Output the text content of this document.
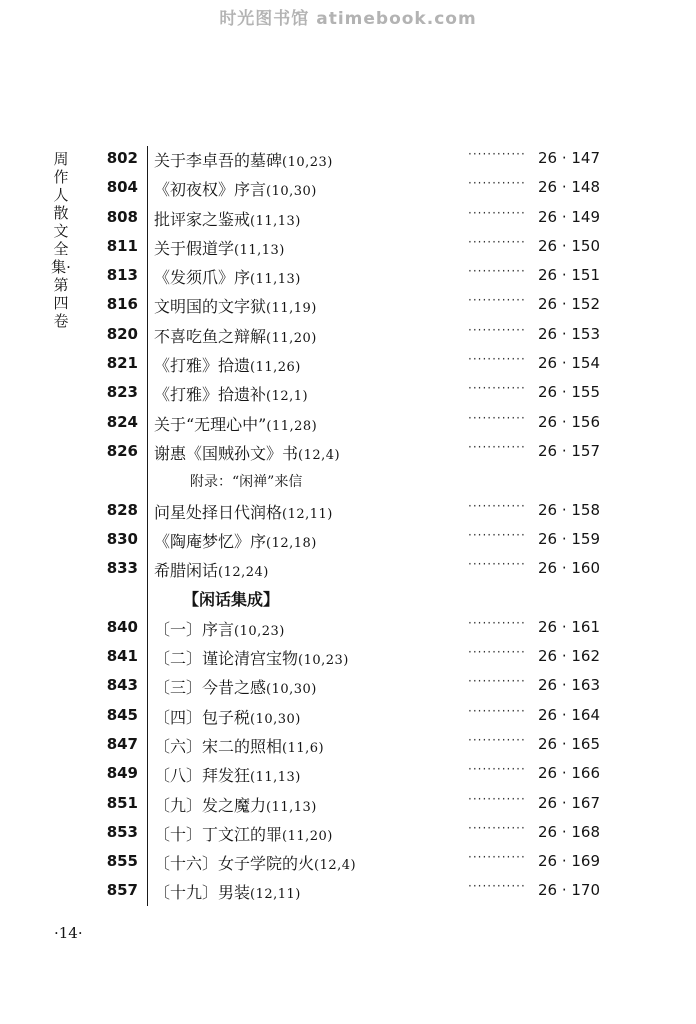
时光图书馆 atimebook.com
周作人散文全集·第四卷
802 关于李卓吾的墓碑(10,23)
············ 26 · 147
804 《初夜权》序言(10,30)
············ 26 · 148
808 批评家之鉴戒(11,13)
············ 26 · 149
811 关于假道学(11,13)
············ 26 · 150
813 《发须爪》序(11,13)
············ 26 · 151
816 文明国的文字狱(11,19)
············ 26 · 152
820 不喜吃鱼之辩解(11,20)
············ 26 · 153
821 《打雅》拾遗(11,26)
············ 26 · 154
823 《打雅》拾遗补(12,1)
············ 26 · 155
824 关于“无理心中”(11,28)
············ 26 · 156
826 谢惠《国贼孙文》书(12,4)
············ 26 · 157
附录：“闲禅”来信
828 问星处择日代润格(12,11)
············ 26 · 158
830 《陶庵梦忆》序(12,18)
············ 26 · 159
833 希腊闲话(12,24)
············ 26 · 160
【闲话集成】
840 〔一〕序言(10,23)
············ 26 · 161
841 〔二〕谨论清宫宝物(10,23)
············ 26 · 162
843 〔三〕今昔之感(10,30)
············ 26 · 163
845 〔四〕包子税(10,30)
············ 26 · 164
847 〔六〕宋二的照相(11,6)
············ 26 · 165
849 〔八〕拜发狂(11,13)
············ 26 · 166
851 〔九〕发之魔力(11,13)
············ 26 · 167
853 〔十〕丁文江的罪(11,20)
············ 26 · 168
855 〔十六〕女子学院的火(12,4)
············ 26 · 169
857 〔十九〕男装(12,11)
············ 26 · 170
·14·
